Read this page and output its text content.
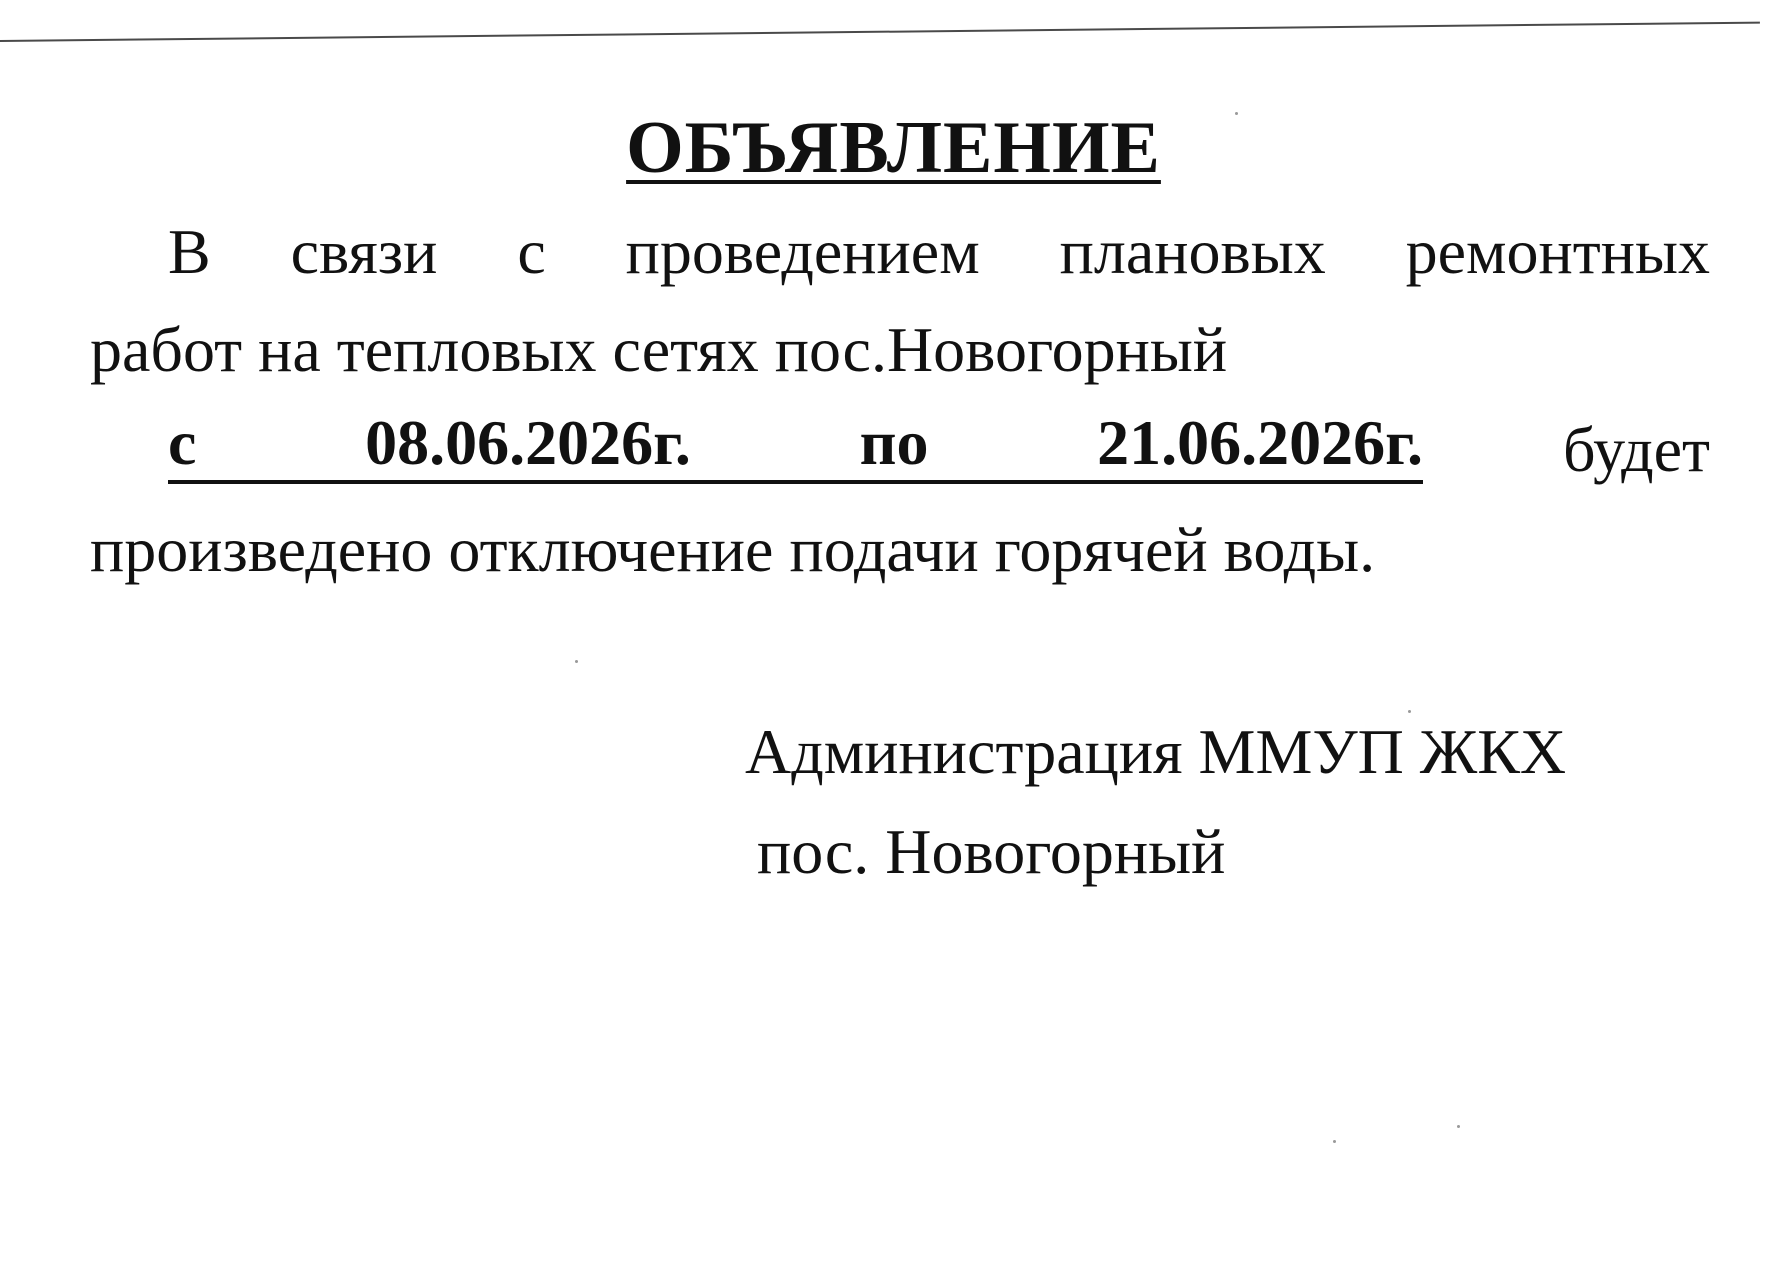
ОБЪЯВЛЕНИЕ
В связи с проведением плановых ремонтных
работ на тепловых сетях пос.Новогорный
с	08.06.2026г.	по	21.06.2026г. будет
произведено отключение подачи горячей воды.
Администрация ММУП ЖКХ
пос. Новогорный
